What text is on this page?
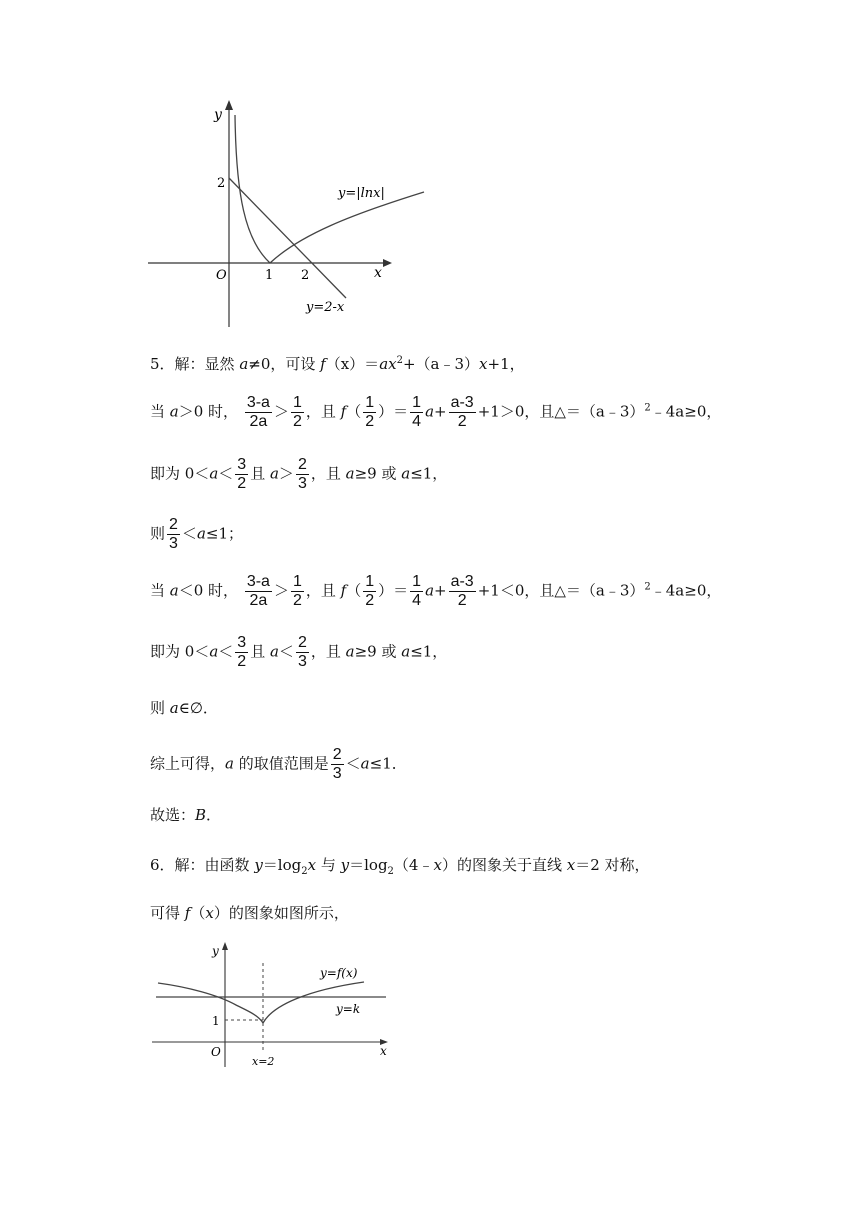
y
x
O
2
1 2
y=|lnx|
y=2-x
5．解：显然 a≠0，可设 $f(x)=ax^2+(a﹣3)x+1$，
当 a＞0 时， $\frac{3-a}{2a} > \frac{1}{2}$ ，且 $f( \frac{1}{2}$ ）＝ $\frac{1}{4} a+ \frac{a-3}{2} +1>0$，且△＝（a﹣3）$^2$﹣4a≥0，
即为 $0<a< \frac{3}{2}$ 且 $a> \frac{2}{3}$ ，且 a≥9 或 a≤1，
则 $\frac{2}{3} <a\le 1$；
当 a＜0 时， $\frac{3-a}{2a} > \frac{1}{2}$ ，且 $f( \frac{1}{2}$ ）＝ $\frac{1}{4} a+ \frac{a-3}{2} +1<0$，且△＝（a﹣3）$^2$﹣4a≥0，
即为 $0<a< \frac{3}{2}$ 且 $a< \frac{2}{3}$ ，且 a≥9 或 a≤1，
则 a∈∅．
综上可得，a 的取值范围是 $\frac{2}{3} <a\le 1$．
故选：B．
6．解：由函数 $y=\log_2x$ 与 $y=\log_2(4﹣x)$的图象关于直线 x＝2 对称，
可得 f（x）的图象如图所示，
y
x
O
1
x=2
y=f(x)
y=k
